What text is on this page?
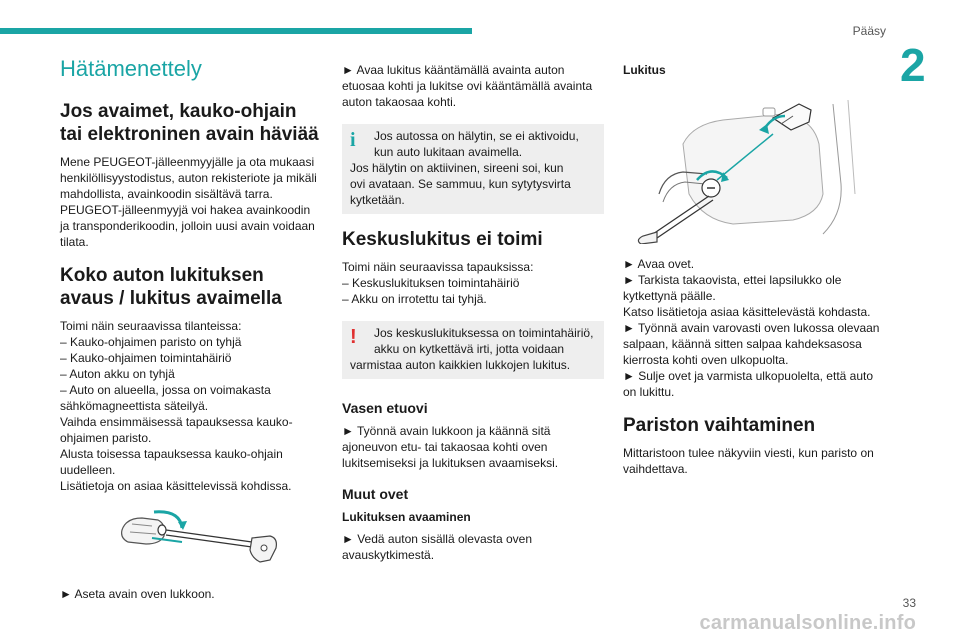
Pääsy
2
Hätämenettely
Jos avaimet, kauko-ohjain tai elektroninen avain häviää
Mene PEUGEOT-jälleenmyyjälle ja ota mukaasi
henkilöllisyystodistus, auton rekisteriote ja mikäli
mahdollista, avainkoodin sisältävä tarra.
PEUGEOT-jälleenmyyjä voi hakea avainkoodin
ja transponderikoodin, jolloin uusi avain voidaan
tilata.
Koko auton lukituksen avaus / lukitus avaimella
Toimi näin seuraavissa tilanteissa:
– Kauko-ohjaimen paristo on tyhjä
– Kauko-ohjaimen toimintahäiriö
– Auton akku on tyhjä
– Auto on alueella, jossa on voimakasta
sähkömagneettista säteilyä.
Vaihda ensimmäisessä tapauksessa kauko-
ohjaimen paristo.
Alusta toisessa tapauksessa kauko-ohjain
uudelleen.
Lisätietoja on asiaa käsittelevissä kohdissa.
► Aseta avain oven lukkoon.
► Avaa lukitus kääntämällä avainta auton
etuosaa kohti ja lukitse ovi kääntämällä avainta
auton takaosaa kohti.
i	Jos autossa on hälytin, se ei aktivoidu,
kun auto lukitaan avaimella.
Jos hälytin on aktiivinen, sireeni soi, kun
ovi avataan. Se sammuu, kun sytytysvirta
kytketään.
Keskuslukitus ei toimi
Toimi näin seuraavissa tapauksissa:
– Keskuslukituksen toimintahäiriö
– Akku on irrotettu tai tyhjä.
!	Jos keskuslukituksessa on toimintahäiriö,
akku on kytkettävä irti, jotta voidaan
varmistaa auton kaikkien lukkojen lukitus.
Vasen etuovi
► Työnnä avain lukkoon ja käännä sitä
ajoneuvon etu- tai takaosaa kohti oven
lukitsemiseksi ja lukituksen avaamiseksi.
Muut ovet
Lukituksen avaaminen
► Vedä auton sisällä olevasta oven
avauskytkimestä.
Lukitus
► Avaa ovet.
► Tarkista takaovista, ettei lapsilukko ole
kytkettynä päälle.
Katso lisätietoja asiaa käsittelevästä kohdasta.
► Työnnä avain varovasti oven lukossa olevaan
salpaan, käännä sitten salpaa kahdeksasosa
kierrosta kohti oven ulkopuolta.
► Sulje ovet ja varmista ulkopuolelta, että auto
on lukittu.
Pariston vaihtaminen
Mittaristoon tulee näkyviin viesti, kun paristo on
vaihdettava.
33
carmanualsonline.info
